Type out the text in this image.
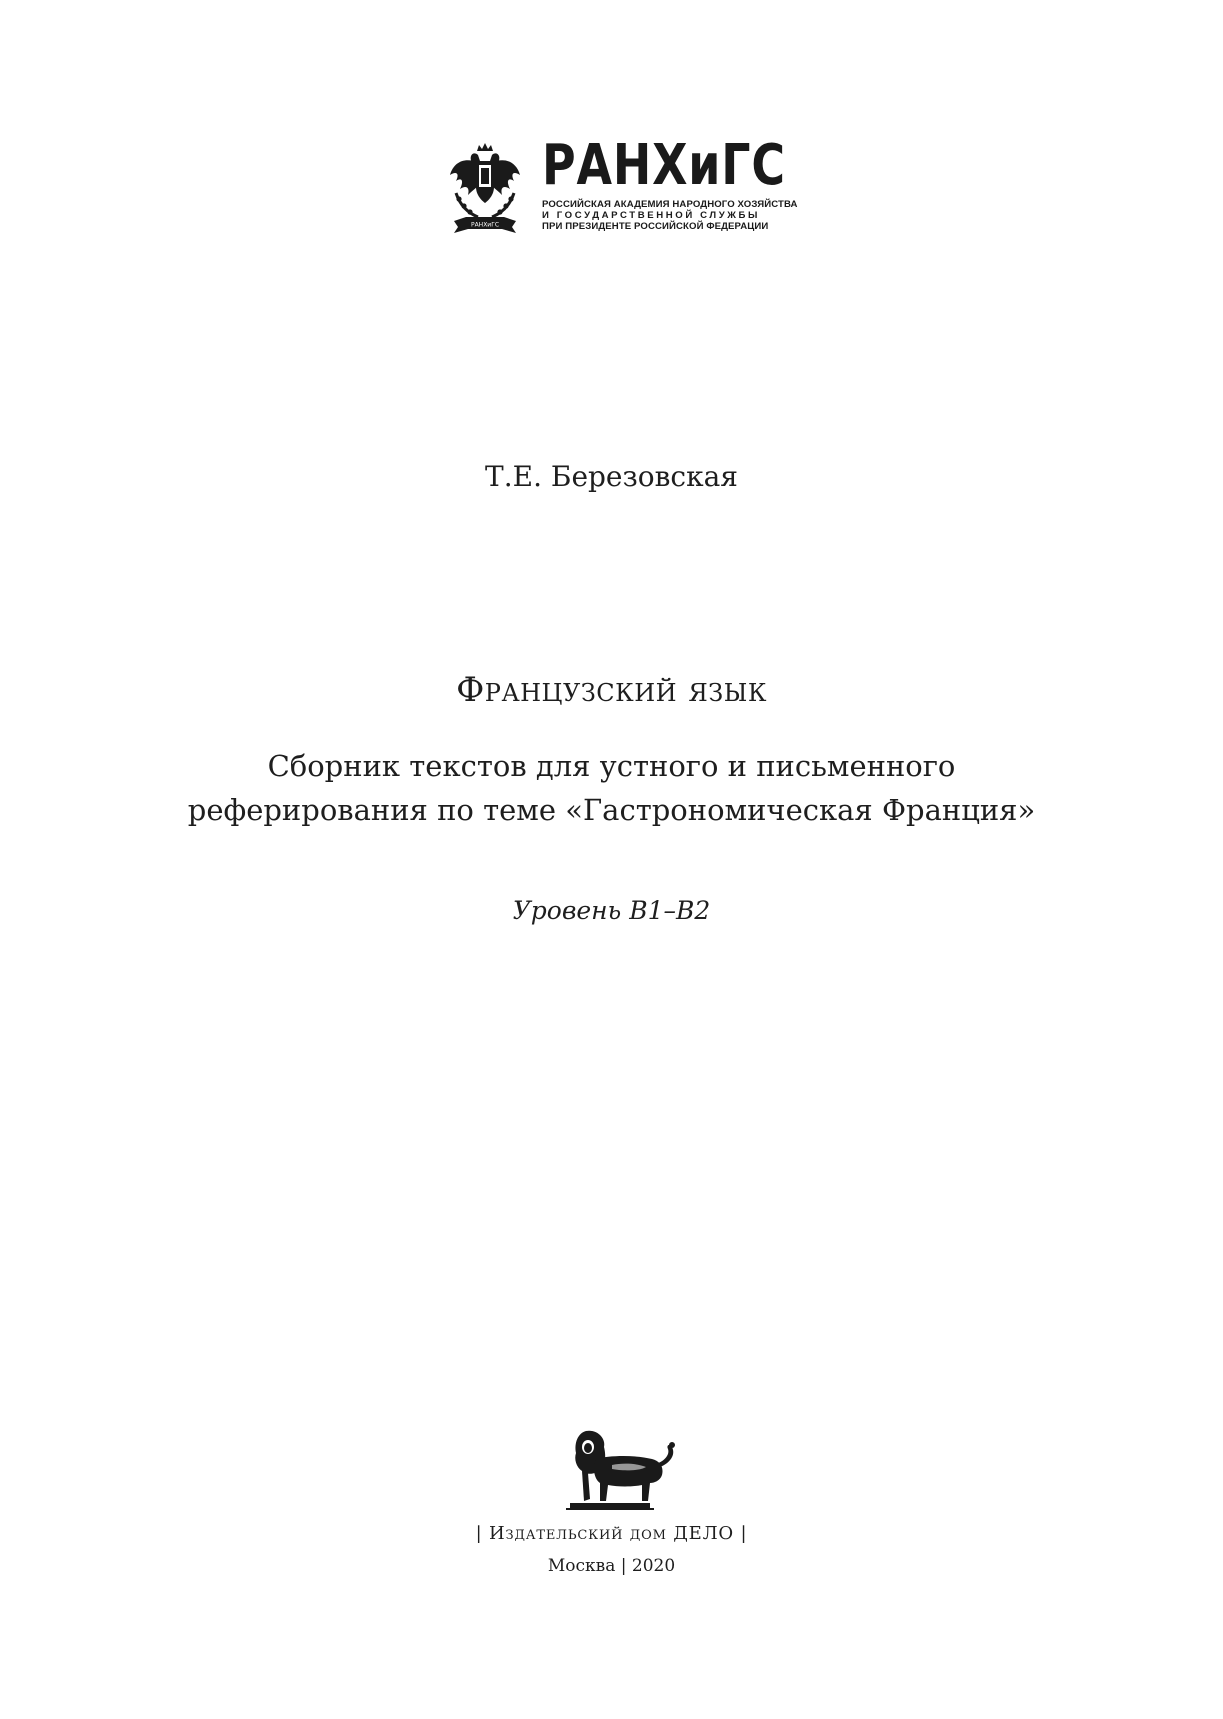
РАНХиГС
РАНХиГС
РОССИЙСКАЯ АКАДЕМИЯ НАРОДНОГО ХОЗЯЙСТВА
И ГОСУДАРСТВЕННОЙ СЛУЖБЫ
ПРИ ПРЕЗИДЕНТЕ РОССИЙСКОЙ ФЕДЕРАЦИИ
Т.Е. Березовская
Французский язык
Сборник текстов для устного и письменного
реферирования по теме «Гастрономическая Франция»
Уровень B1–B2
| Издательский дом ДЕЛО |
Москва | 2020
